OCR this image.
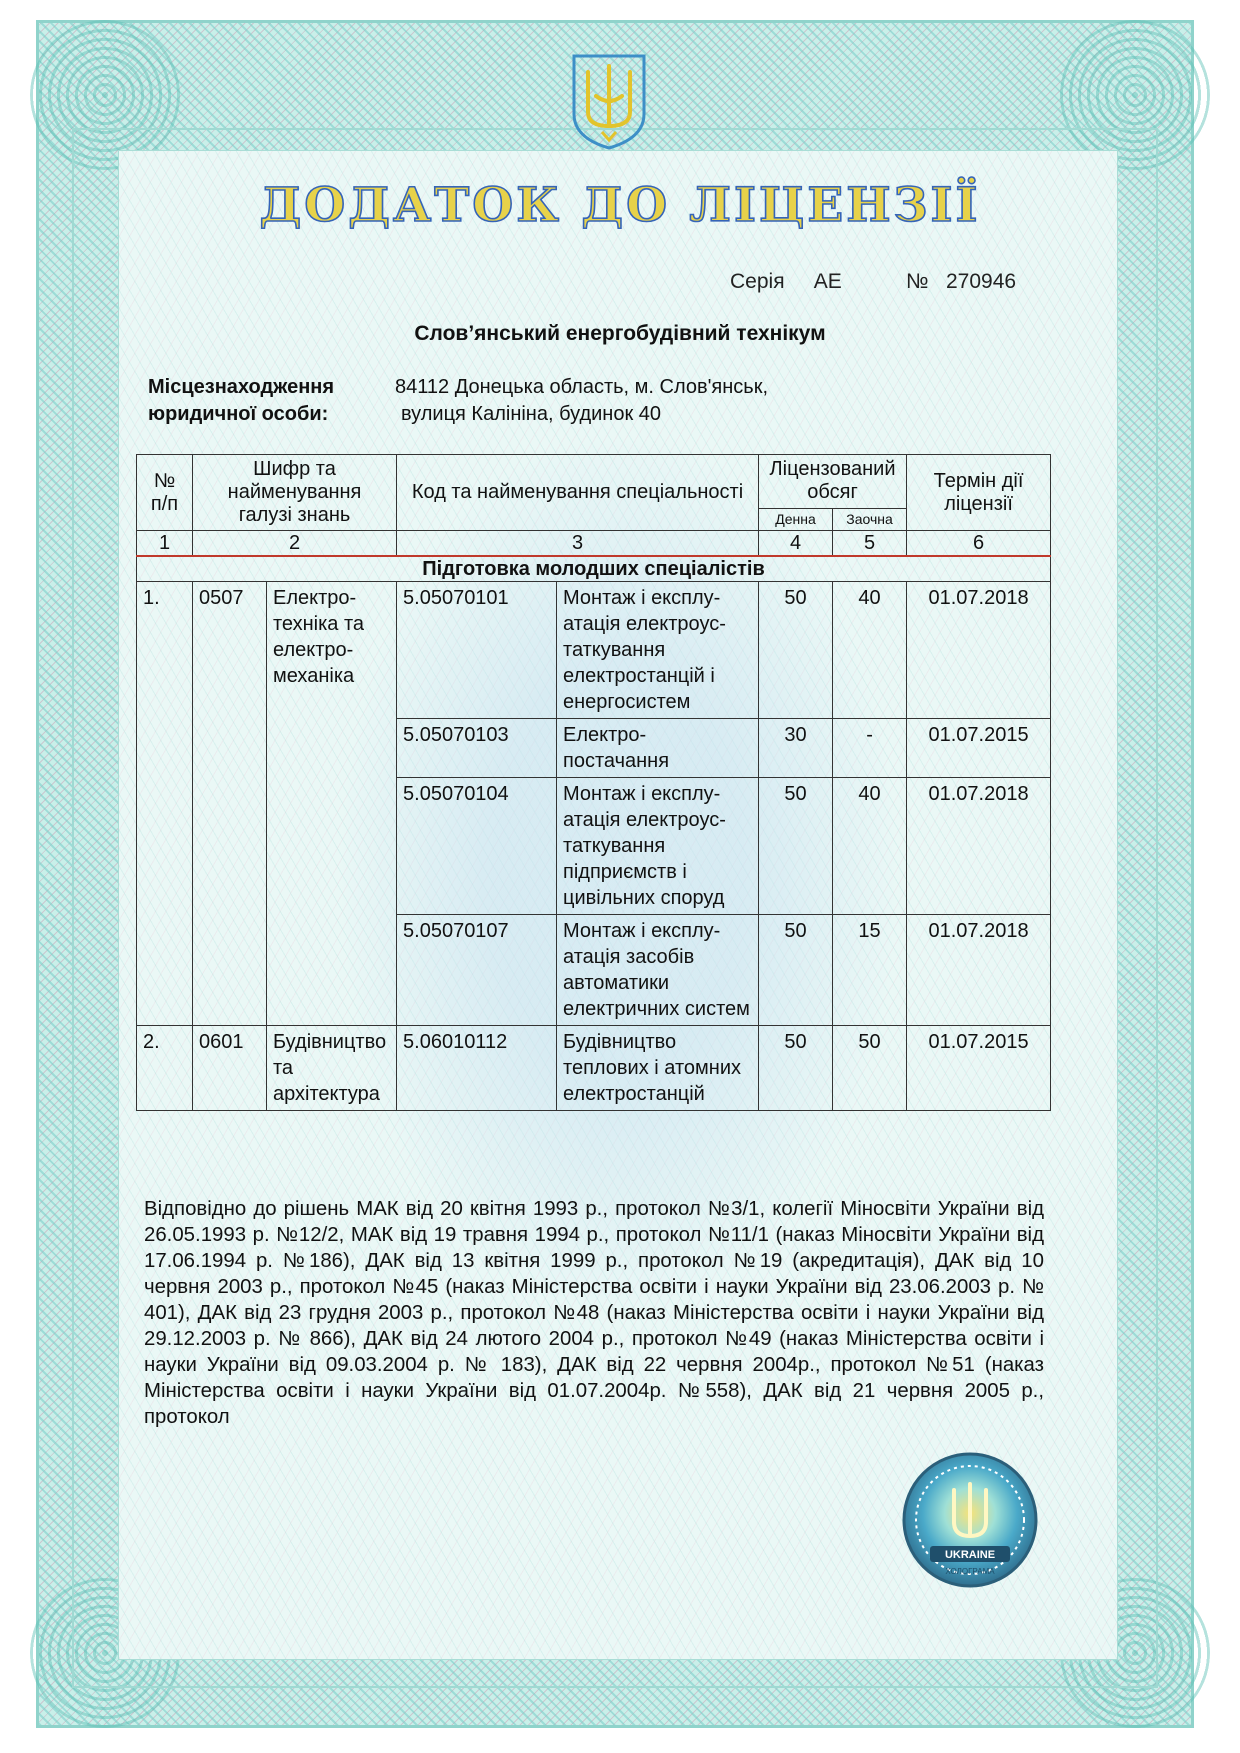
ДОДАТОК ДО ЛІЦЕНЗІЇ
Серія АЕ	№ 270946
Слов’янський енергобудівний технікум
Місцезнаходження
юридичної особи:
84112 Донецька область, м. Слов'янськ,
вулиця Калініна, будинок 40
№ п/п	Шифр та найменування галузі знань		Код та найменування спеціальності		Ліцензований обсяг		Термін дії ліцензії
					Денна	Заочна	
1	2		3		4	5	6
Підготовка молодших спеціалістів							
1.	0507	Електро-техніка та електро-механіка	5.05070101	Монтаж і експлу-атація електроус-таткування електростанцій і енергосистем	50	40	01.07.2018
			5.05070103	Електро-постачання	30	-	01.07.2015
			5.05070104	Монтаж і експлу-атація електроус-таткування підприємств і цивільних споруд	50	40	01.07.2018
			5.05070107	Монтаж і експлу-атація засобів автоматики електричних систем	50	15	01.07.2018
2.	0601	Будівництво та архітектура	5.06010112	Будівництво теплових і атомних електростанцій	50	50	01.07.2015
Відповідно до рішень МАК від 20 квітня 1993 р., протокол №3/1, колегії Міносвіти України від 26.05.1993 р. №12/2, МАК від 19 травня 1994 р., протокол №11/1 (наказ Міносвіти України від 17.06.1994 р. №186), ДАК від 13 квітня 1999 р., протокол №19 (акредитація), ДАК від 10 червня 2003 р., протокол №45 (наказ Міністерства освіти і науки України від 23.06.2003 р. № 401), ДАК від 23 грудня 2003 р., протокол №48 (наказ Міністерства освіти і науки України від 29.12.2003 р. № 866), ДАК від 24 лютого 2004 р., протокол №49 (наказ Міністерства освіти і науки України від 09.03.2004 р. № 183), ДАК від 22 червня 2004р., протокол №51 (наказ Міністерства освіти і науки України від 01.07.2004р. №558), ДАК від 21 червня 2005 р., протокол
UKRAINE
ХОЛОГРАМА
